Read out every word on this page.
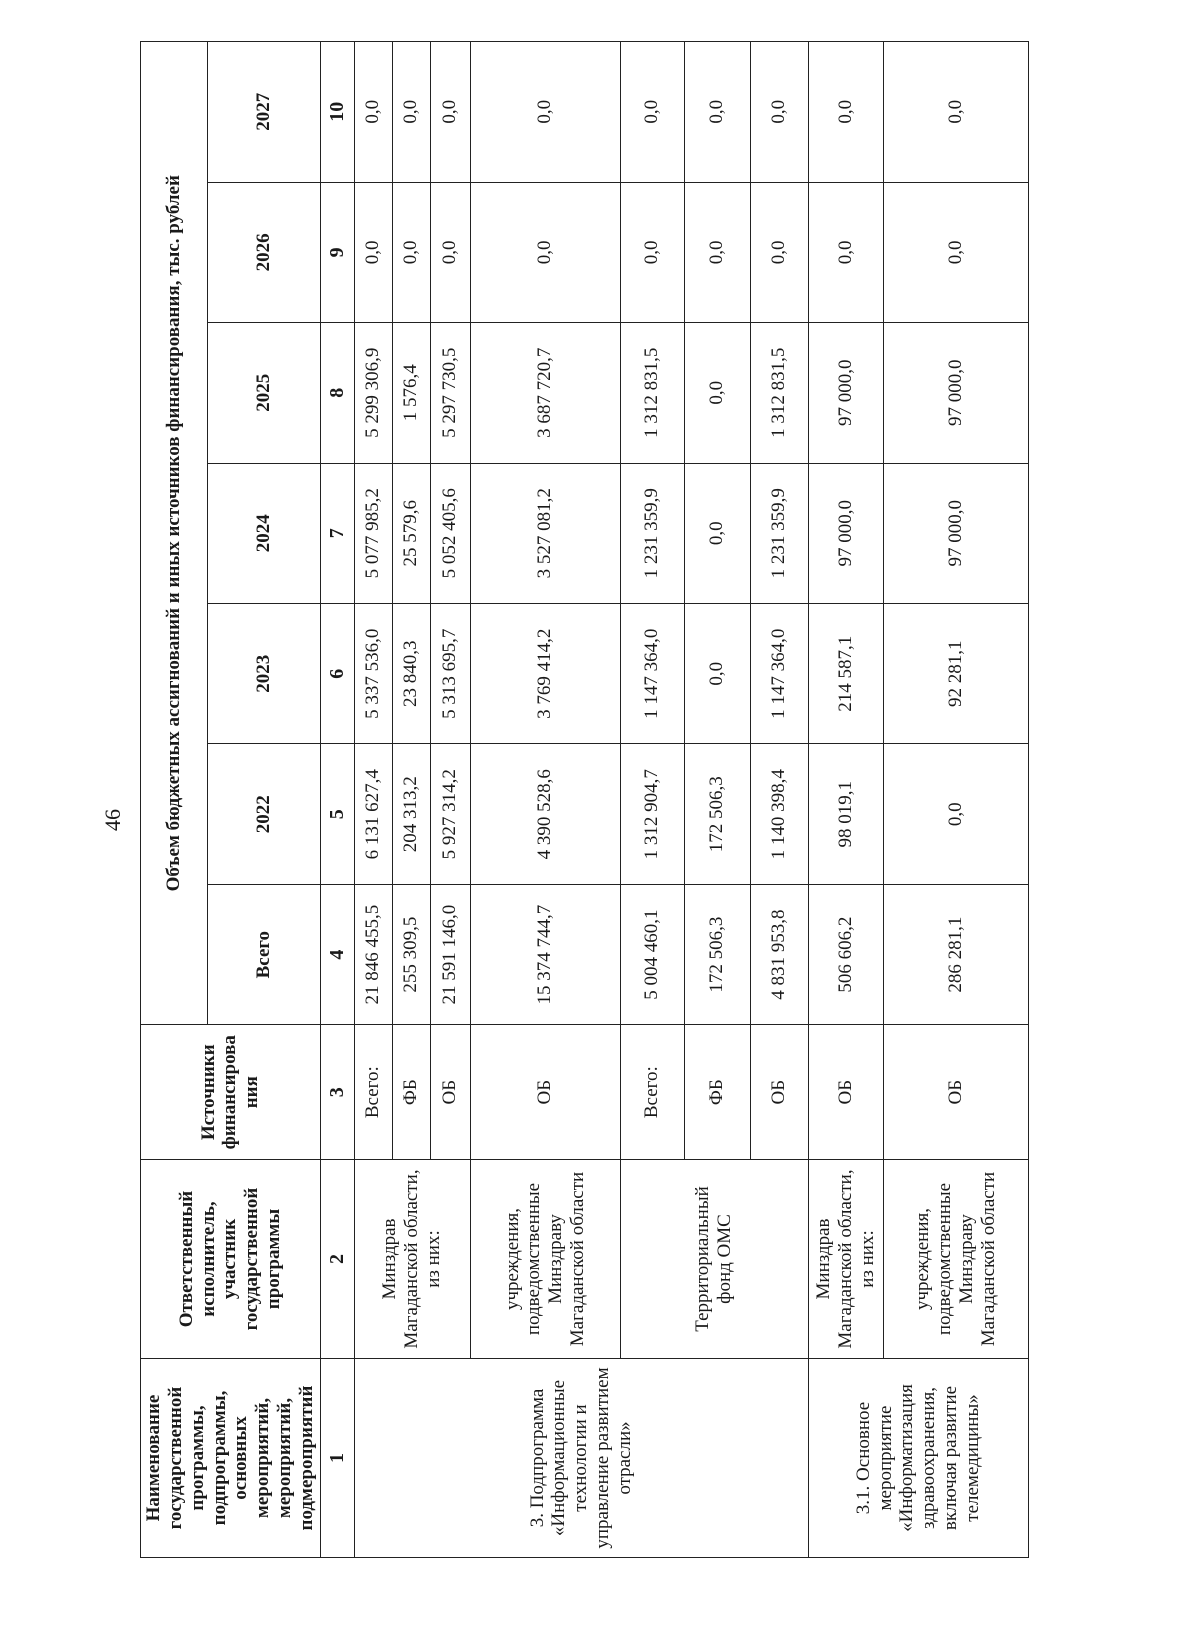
46
Наименование государственной программы, подпрограммы, основных мероприятий, мероприятий, подмероприятий	Ответственный исполнитель, участник государственной программы	Источники финансирова ния	Объем бюджетных ассигнований и иных источников финансирования, тыс. рублей						
			Всего	2022	2023	2024	2025	2026	2027
1	2	3	4	5	6	7	8	9	10
3. Подпрограмма «Информационные технологии и управление развитием отрасли»	Минздрав Магаданской области, из них:	Всего:	21 846 455,5	6 131 627,4	5 337 536,0	5 077 985,2	5 299 306,9	0,0	0,0
		ФБ	255 309,5	204 313,2	23 840,3	25 579,6	1 576,4	0,0	0,0
		ОБ	21 591 146,0	5 927 314,2	5 313 695,7	5 052 405,6	5 297 730,5	0,0	0,0
	учреждения, подведомственные Минздраву Магаданской области	ОБ	15 374 744,7	4 390 528,6	3 769 414,2	3 527 081,2	3 687 720,7	0,0	0,0
	Территориальный фонд ОМС	Всего:	5 004 460,1	1 312 904,7	1 147 364,0	1 231 359,9	1 312 831,5	0,0	0,0
		ФБ	172 506,3	172 506,3	0,0	0,0	0,0	0,0	0,0
		ОБ	4 831 953,8	1 140 398,4	1 147 364,0	1 231 359,9	1 312 831,5	0,0	0,0
3.1. Основное мероприятие «Информатизация здравоохранения, включая развитие телемедицины»	Минздрав Магаданской области, из них:	ОБ	506 606,2	98 019,1	214 587,1	97 000,0	97 000,0	0,0	0,0
	учреждения, подведомственные Минздраву Магаданской области	ОБ	286 281,1	0,0	92 281,1	97 000,0	97 000,0	0,0	0,0
